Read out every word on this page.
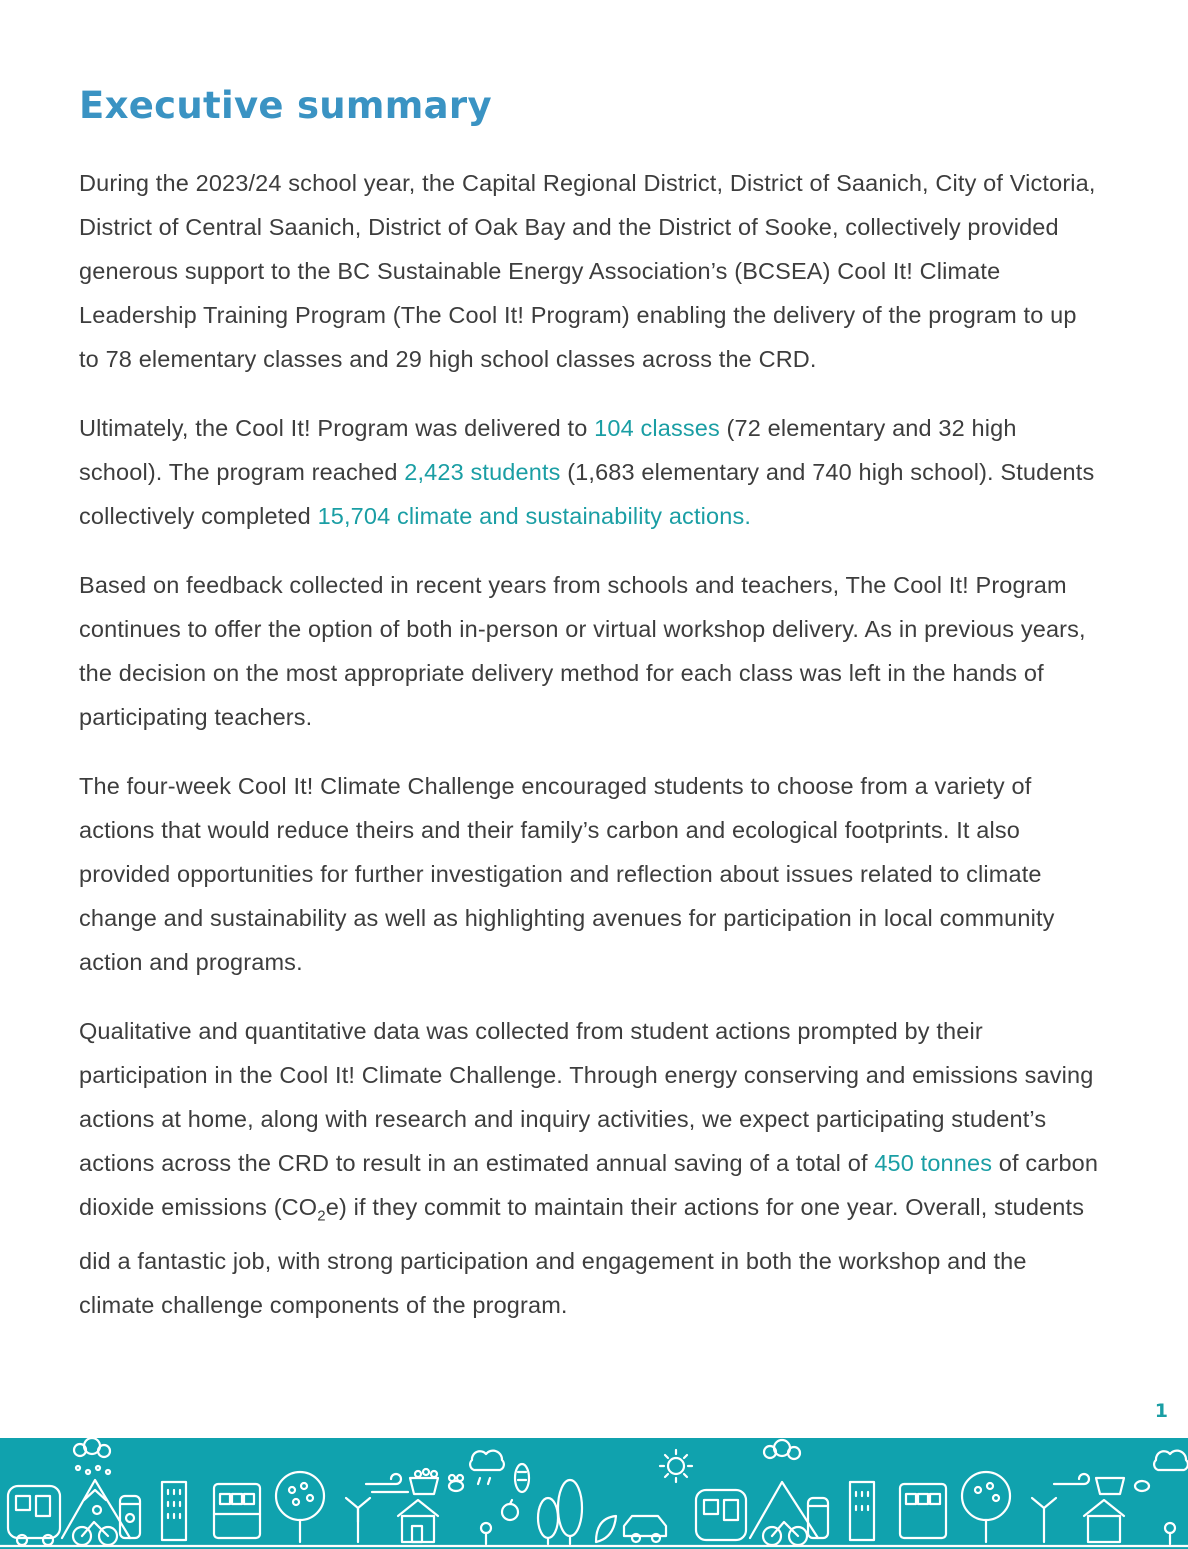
Executive summary

During the 2023/24 school year, the Capital Regional District, District of Saanich, City of Victoria, District of Central Saanich, District of Oak Bay and the District of Sooke, collectively provided generous support to the BC Sustainable Energy Association’s (BCSEA) Cool It! Climate Leadership Training Program (The Cool It! Program) enabling the delivery of the program to up to 78 elementary classes and 29 high school classes across the CRD.

Ultimately, the Cool It! Program was delivered to 104 classes (72 elementary and 32 high school). The program reached 2,423 students (1,683 elementary and 740 high school). Students collectively completed 15,704 climate and sustainability actions.

Based on feedback collected in recent years from schools and teachers, The Cool It! Program continues to offer the option of both in-person or virtual workshop delivery. As in previous years, the decision on the most appropriate delivery method for each class was left in the hands of participating teachers.

The four-week Cool It! Climate Challenge encouraged students to choose from a variety of actions that would reduce theirs and their family’s carbon and ecological footprints. It also provided opportunities for further investigation and reflection about issues related to climate change and sustainability as well as highlighting avenues for participation in local community action and programs.

Qualitative and quantitative data was collected from student actions prompted by their participation in the Cool It! Climate Challenge. Through energy conserving and emissions saving actions at home, along with research and inquiry activities, we expect participating student’s actions across the CRD to result in an estimated annual saving of a total of 450 tonnes of carbon dioxide emissions $(CO_2e)$ if they commit to maintain their actions for one year. Overall, students did a fantastic job, with strong participation and engagement in both the workshop and the climate challenge components of the program.

1
